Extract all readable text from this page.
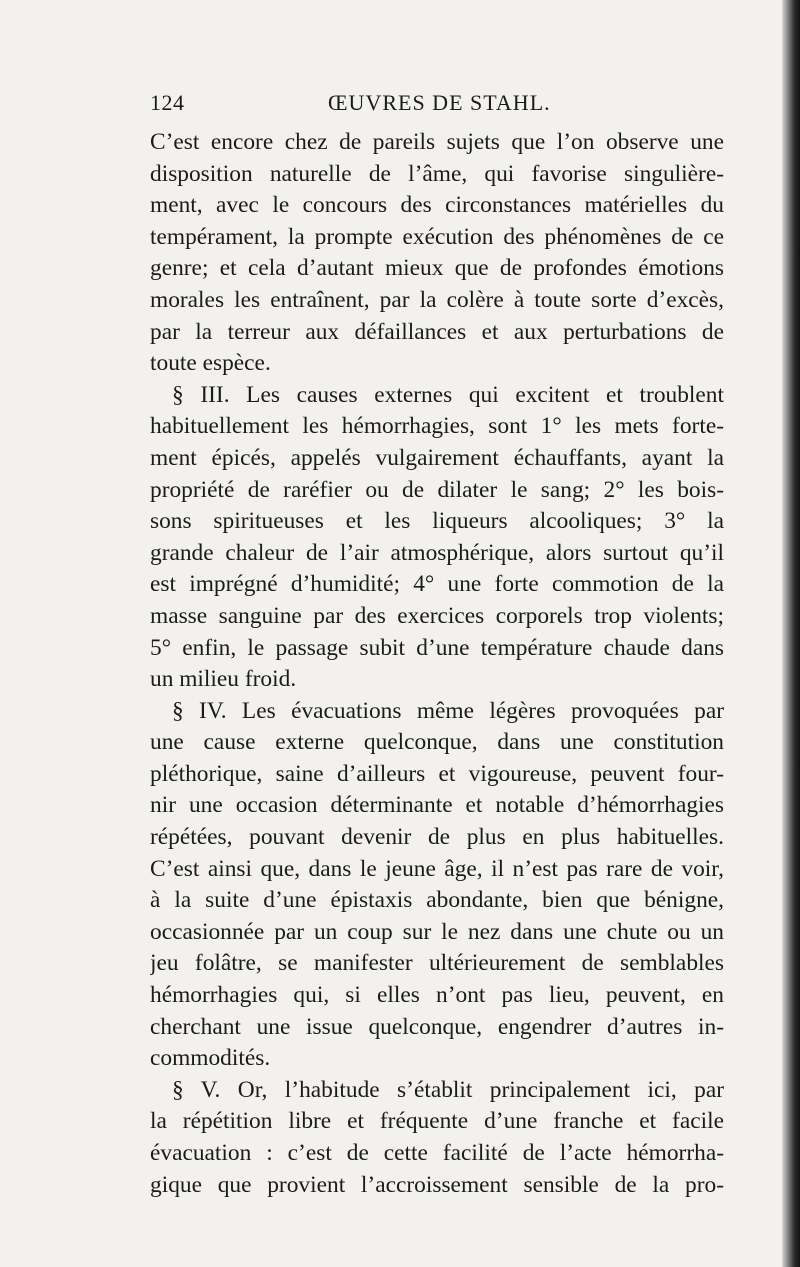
124	ŒUVRES DE STAHL.
C’est encore chez de pareils sujets que l’on observe une
disposition naturelle de l’âme, qui favorise singulière-
ment, avec le concours des circonstances matérielles du
tempérament, la prompte exécution des phénomènes de ce
genre; et cela d’autant mieux que de profondes émotions
morales les entraînent, par la colère à toute sorte d’excès,
par la terreur aux défaillances et aux perturbations de
toute espèce.
§ III. Les causes externes qui excitent et troublent
habituellement les hémorrhagies, sont 1° les mets forte-
ment épicés, appelés vulgairement échauffants, ayant la
propriété de raréfier ou de dilater le sang; 2° les bois-
sons spiritueuses et les liqueurs alcooliques; 3° la
grande chaleur de l’air atmosphérique, alors surtout qu’il
est imprégné d’humidité; 4° une forte commotion de la
masse sanguine par des exercices corporels trop violents;
5° enfin, le passage subit d’une température chaude dans
un milieu froid.
§ IV. Les évacuations même légères provoquées par
une cause externe quelconque, dans une constitution
pléthorique, saine d’ailleurs et vigoureuse, peuvent four-
nir une occasion déterminante et notable d’hémorrhagies
répétées, pouvant devenir de plus en plus habituelles.
C’est ainsi que, dans le jeune âge, il n’est pas rare de voir,
à la suite d’une épistaxis abondante, bien que bénigne,
occasionnée par un coup sur le nez dans une chute ou un
jeu folâtre, se manifester ultérieurement de semblables
hémorrhagies qui, si elles n’ont pas lieu, peuvent, en
cherchant une issue quelconque, engendrer d’autres in-
commodités.
§ V. Or, l’habitude s’établit principalement ici, par
la répétition libre et fréquente d’une franche et facile
évacuation : c’est de cette facilité de l’acte hémorrha-
gique que provient l’accroissement sensible de la pro-
